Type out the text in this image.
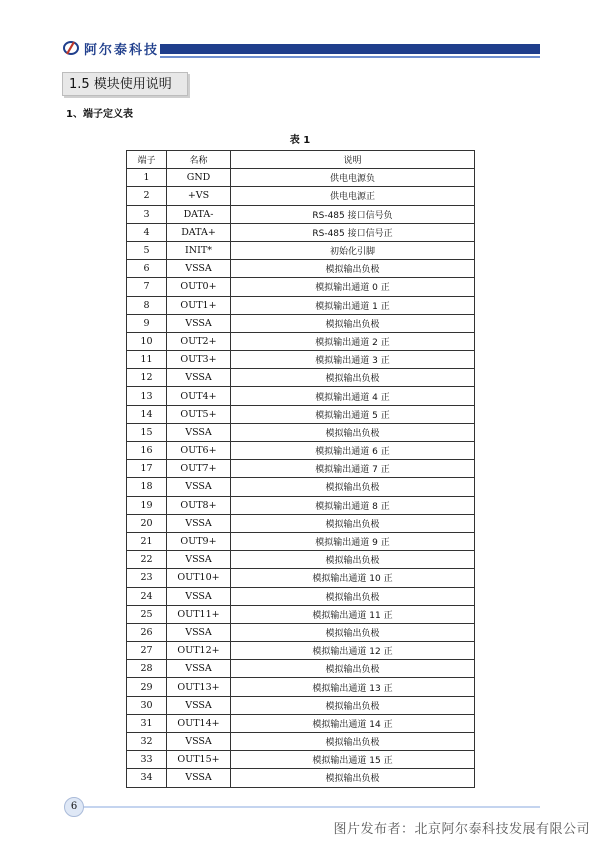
阿尔泰科技
1.5 模块使用说明
1、端子定义表
表 1
端子	名称	说明
1	GND	供电电源负
2	+VS	供电电源正
3	DATA-	RS-485 接口信号负
4	DATA+	RS-485 接口信号正
5	INIT*	初始化引脚
6	VSSA	模拟输出负极
7	OUT0+	模拟输出通道 0 正
8	OUT1+	模拟输出通道 1 正
9	VSSA	模拟输出负极
10	OUT2+	模拟输出通道 2 正
11	OUT3+	模拟输出通道 3 正
12	VSSA	模拟输出负极
13	OUT4+	模拟输出通道 4 正
14	OUT5+	模拟输出通道 5 正
15	VSSA	模拟输出负极
16	OUT6+	模拟输出通道 6 正
17	OUT7+	模拟输出通道 7 正
18	VSSA	模拟输出负极
19	OUT8+	模拟输出通道 8 正
20	VSSA	模拟输出负极
21	OUT9+	模拟输出通道 9 正
22	VSSA	模拟输出负极
23	OUT10+	模拟输出通道 10 正
24	VSSA	模拟输出负极
25	OUT11+	模拟输出通道 11 正
26	VSSA	模拟输出负极
27	OUT12+	模拟输出通道 12 正
28	VSSA	模拟输出负极
29	OUT13+	模拟输出通道 13 正
30	VSSA	模拟输出负极
31	OUT14+	模拟输出通道 14 正
32	VSSA	模拟输出负极
33	OUT15+	模拟输出通道 15 正
34	VSSA	模拟输出负极
6
图片发布者：北京阿尔泰科技发展有限公司
